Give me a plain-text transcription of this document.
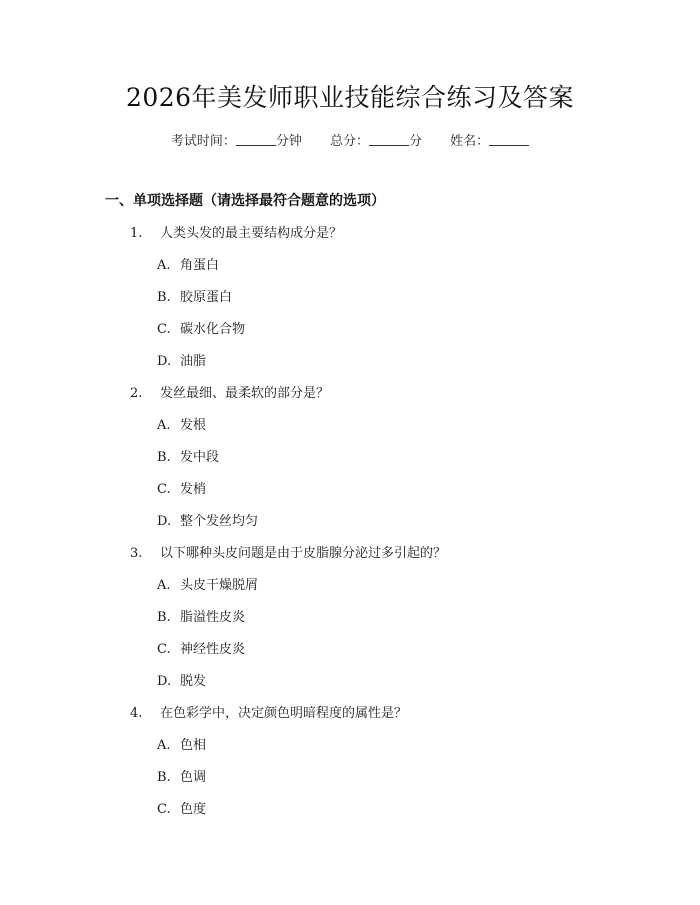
2026年美发师职业技能综合练习及答案
考试时间：	分钟 总分：	分 姓名：
一、单项选择题（请选择最符合题意的选项）
1. 人类头发的最主要结构成分是？
A. 角蛋白
B. 胶原蛋白
C. 碳水化合物
D. 油脂
2. 发丝最细、最柔软的部分是？
A. 发根
B. 发中段
C. 发梢
D. 整个发丝均匀
3. 以下哪种头皮问题是由于皮脂腺分泌过多引起的？
A. 头皮干燥脱屑
B. 脂溢性皮炎
C. 神经性皮炎
D. 脱发
4. 在色彩学中，决定颜色明暗程度的属性是？
A. 色相
B. 色调
C. 色度
